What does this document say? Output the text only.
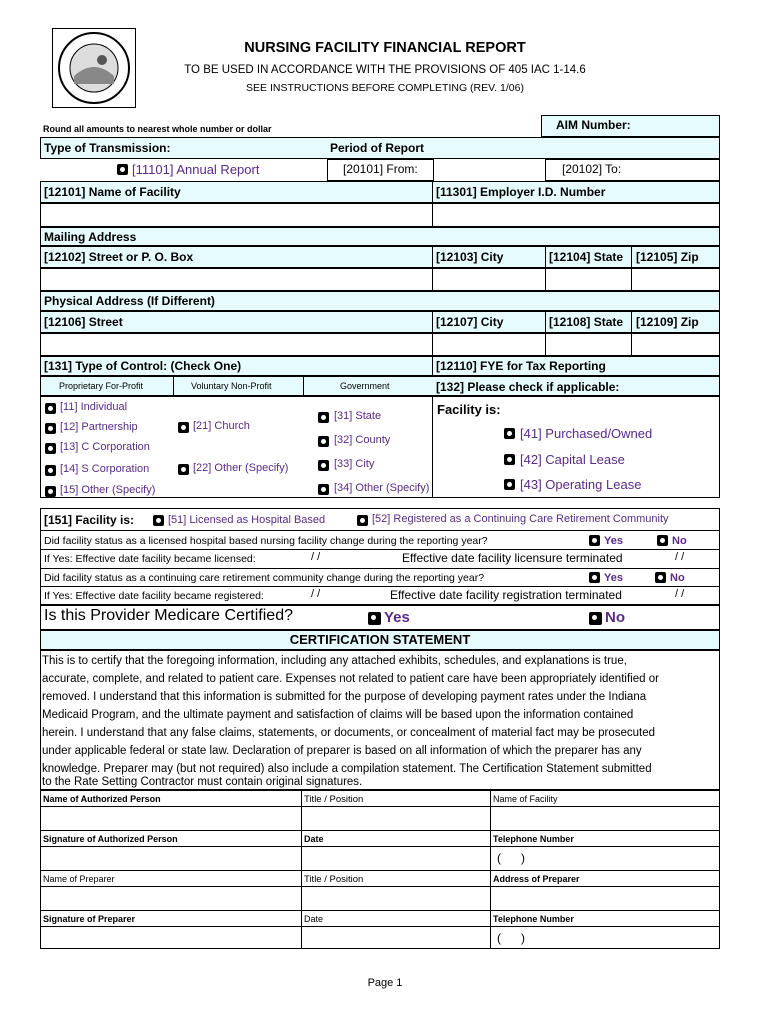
NURSING FACILITY FINANCIAL REPORT
TO BE USED IN ACCORDANCE WITH THE PROVISIONS OF 405 IAC 1-14.6
SEE INSTRUCTIONS BEFORE COMPLETING (REV. 1/06)
Round all amounts to nearest whole number or dollar	AIM Number:
Type of Transmission:	Period of Report
[11101] Annual Report	[20101] From:	[20102] To:
[12101] Name of Facility	[11301] Employer I.D. Number
Mailing Address
[12102] Street or P. O. Box	[12103] City	[12104] State [12105] Zip
Physical Address (If Different)
[12106] Street	[12107] City	[12108] State [12109] Zip
[131] Type of Control: (Check One)	[12110] FYE for Tax Reporting
Proprietary For-Profit	Voluntary Non-Profit	Government	[132] Please check if applicable:
[11] Individual
[12] Partnership
[13] C Corporation
[14] S Corporation
[15] Other (Specify)
[21] Church
[22] Other (Specify)
[31] State
[32] County
[33] City
[34] Other (Specify)
Facility is:
[41] Purchased/Owned
[42] Capital Lease
[43] Operating Lease
[151] Facility is:	[51] Licensed as Hospital Based	[52] Registered as a Continuing Care Retirement Community
Did facility status as a licensed hospital based nursing facility change during the reporting year?	Yes	No
If Yes: Effective date facility became licensed:	/ /	Effective date facility licensure terminated	/ /
Did facility status as a continuing care retirement community change during the reporting year?	Yes	No
If Yes: Effective date facility became registered:	/ /	Effective date facility registration terminated	/ /
Is this Provider Medicare Certified?	Yes	No
CERTIFICATION STATEMENT
This is to certify that the foregoing information, including any attached exhibits, schedules, and explanations is true,
accurate, complete, and related to patient care. Expenses not related to patient care have been appropriately identified or
removed. I understand that this information is submitted for the purpose of developing payment rates under the Indiana
Medicaid Program, and the ultimate payment and satisfaction of claims will be based upon the information contained
herein. I understand that any false claims, statements, or documents, or concealment of material fact may be prosecuted
under applicable federal or state law. Declaration of preparer is based on all information of which the preparer has any
knowledge. Preparer may (but not required) also include a compilation statement. The Certification Statement submitted
to the Rate Setting Contractor must contain original signatures.
Name of Authorized Person	Title / Position	Name of Facility
Signature of Authorized Person	Date	Telephone Number
(      )
Name of Preparer	Title / Position	Address of Preparer
Signature of Preparer	Date	Telephone Number
(      )
Page 1
